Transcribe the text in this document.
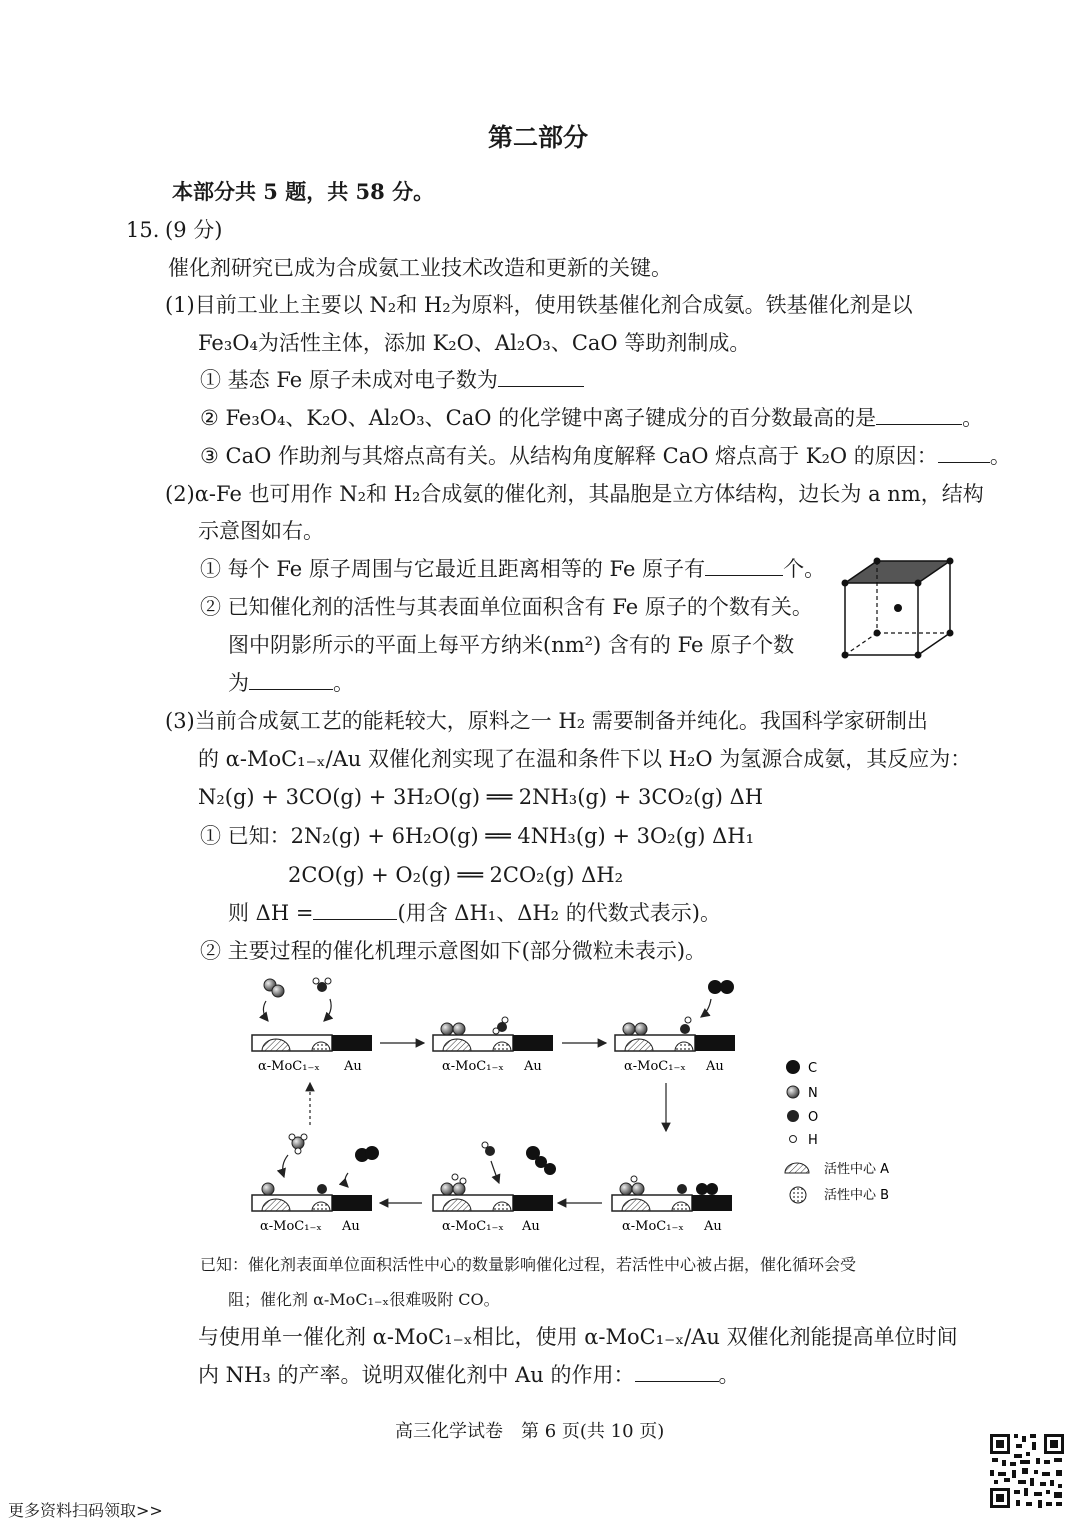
第二部分
本部分共 5 题，共 58 分。
15. (9 分)
催化剂研究已成为合成氨工业技术改造和更新的关键。
(1)目前工业上主要以 N₂和 H₂为原料，使用铁基催化剂合成氨。铁基催化剂是以
Fe₃O₄为活性主体，添加 K₂O、Al₂O₃、CaO 等助剂制成。
① 基态 Fe 原子未成对电子数为
② Fe₃O₄、K₂O、Al₂O₃、CaO 的化学键中离子键成分的百分数最高的是	。
③ CaO 作助剂与其熔点高有关。从结构角度解释 CaO 熔点高于 K₂O 的原因： 。
(2)α-Fe 也可用作 N₂和 H₂合成氨的催化剂，其晶胞是立方体结构，边长为 a nm，结构
示意图如右。
① 每个 Fe 原子周围与它最近且距离相等的 Fe 原子有	个。
② 已知催化剂的活性与其表面单位面积含有 Fe 原子的个数有关。
图中阴影所示的平面上每平方纳米(nm²) 含有的 Fe 原子个数
为	。
(3)当前合成氨工艺的能耗较大，原料之一 H₂ 需要制备并纯化。我国科学家研制出
的 α-MoC₁₋ₓ/Au 双催化剂实现了在温和条件下以 H₂O 为氢源合成氨，其反应为：
N₂(g) + 3CO(g) + 3H₂O(g) ══ 2NH₃(g) + 3CO₂(g) ΔH
① 已知：2N₂(g) + 6H₂O(g) ══ 4NH₃(g) + 3O₂(g) ΔH₁
2CO(g) + O₂(g) ══ 2CO₂(g) ΔH₂
则 ΔH =	(用含 ΔH₁、ΔH₂ 的代数式表示)。
② 主要过程的催化机理示意图如下(部分微粒未表示)。
α-MoC₁₋ₓ Au	α-MoC₁₋ₓ Au	α-MoC₁₋ₓ Au
α-MoC₁₋ₓ Au	α-MoC₁₋ₓ Au	α-MoC₁₋ₓ Au
C
N
O
H
活性中心 A
活性中心 B
已知：催化剂表面单位面积活性中心的数量影响催化过程，若活性中心被占据，催化循环会受
阻；催化剂 α-MoC₁₋ₓ很难吸附 CO。
与使用单一催化剂 α-MoC₁₋ₓ相比，使用 α-MoC₁₋ₓ/Au 双催化剂能提高单位时间
内 NH₃ 的产率。说明双催化剂中 Au 的作用：	。
高三化学试卷　第 6 页(共 10 页)
更多资料扫码领取>>
